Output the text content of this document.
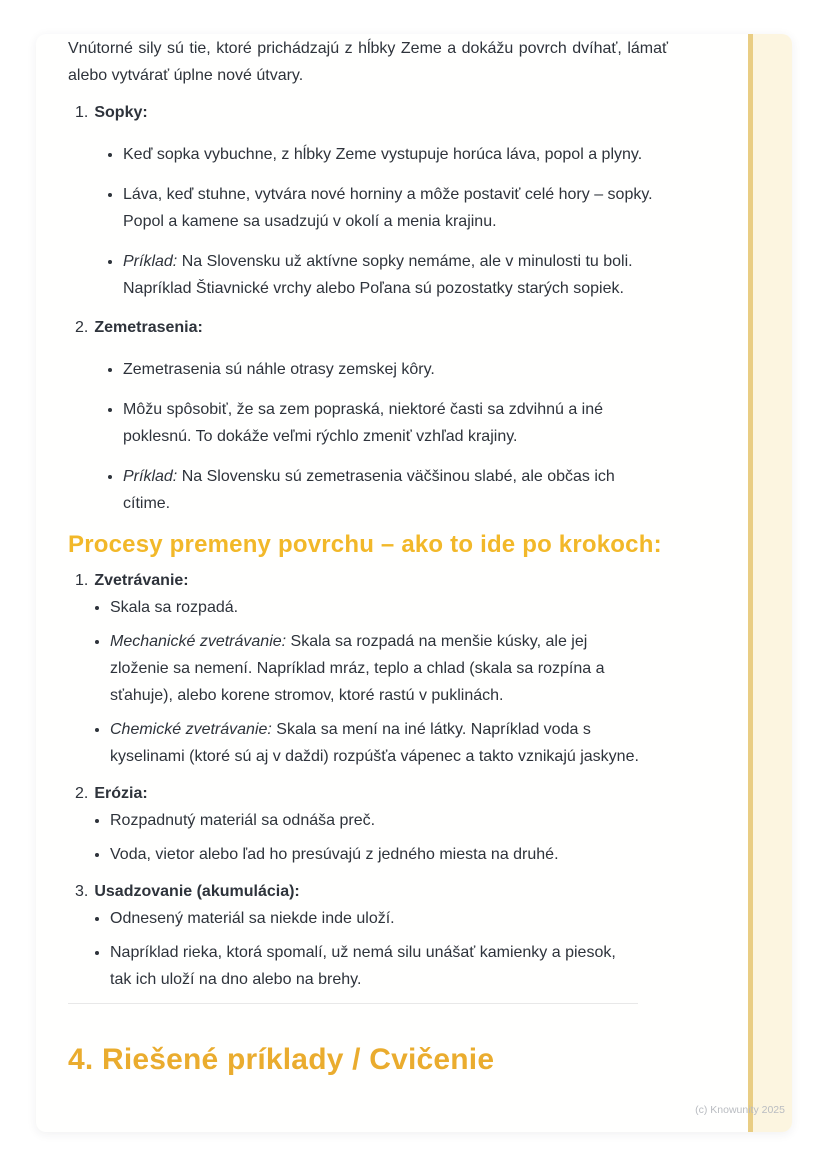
Vnútorné sily sú tie, ktoré prichádzajú z hĺbky Zeme a dokážu povrch dvíhať, lámať alebo vytvárať úplne nové útvary.

1. Sopky:
• Keď sopka vybuchne, z hĺbky Zeme vystupuje horúca láva, popol a plyny.
• Láva, keď stuhne, vytvára nové horniny a môže postaviť celé hory – sopky. Popol a kamene sa usadzujú v okolí a menia krajinu.
• Príklad: Na Slovensku už aktívne sopky nemáme, ale v minulosti tu boli. Napríklad Štiavnické vrchy alebo Poľana sú pozostatky starých sopiek.
2. Zemetrasenia:
• Zemetrasenia sú náhle otrasy zemskej kôry.
• Môžu spôsobiť, že sa zem popraská, niektoré časti sa zdvihnú a iné poklesnú. To dokáže veľmi rýchlo zmeniť vzhľad krajiny.
• Príklad: Na Slovensku sú zemetrasenia väčšinou slabé, ale občas ich cítime.
Procesy premeny povrchu – ako to ide po krokoch:
1. Zvetrávanie:
• Skala sa rozpadá.
• Mechanické zvetrávanie: Skala sa rozpadá na menšie kúsky, ale jej zloženie sa nemení. Napríklad mráz, teplo a chlad (skala sa rozpína a sťahuje), alebo korene stromov, ktoré rastú v puklinách.
• Chemické zvetrávanie: Skala sa mení na iné látky. Napríklad voda s kyselinami (ktoré sú aj v daždi) rozpúšťa vápenec a takto vznikajú jaskyne.
2. Erózia:
• Rozpadnutý materiál sa odnáša preč.
• Voda, vietor alebo ľad ho presúvajú z jedného miesta na druhé.
3. Usadzovanie (akumulácia):
• Odnesený materiál sa niekde inde uloží.
• Napríklad rieka, ktorá spomalí, už nemá silu unášať kamienky a piesok, tak ich uloží na dno alebo na brehy.
4. Riešené príklady / Cvičenie
(c) Knowunity 2025
